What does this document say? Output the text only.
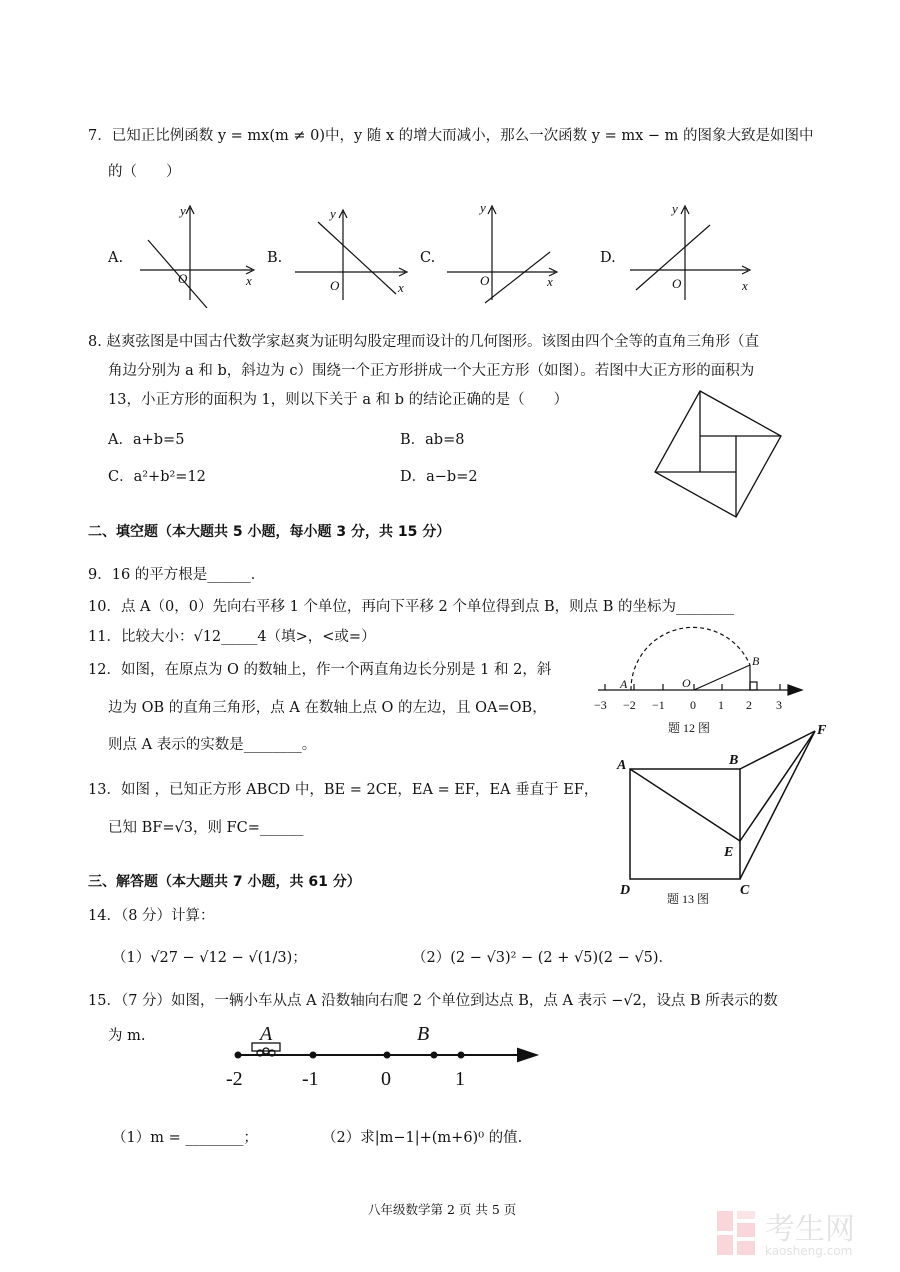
7．已知正比例函数 y = mx(m ≠ 0)中，y 随 x 的增大而减小，那么一次函数 y = mx − m 的图象大致是如图中
的（　　）
A.	B.	C.	D.
y
x
O
y
x
O
y
x
O
y
x
O
8. 赵爽弦图是中国古代数学家赵爽为证明勾股定理而设计的几何图形。该图由四个全等的直角三角形（直
角边分别为 a 和 b，斜边为 c）围绕一个正方形拼成一个大正方形（如图）。若图中大正方形的面积为
13，小正方形的面积为 1，则以下关于 a 和 b 的结论正确的是（　　）
A．a+b=5	B．ab=8
C．a²+b²=12	D．a−b=2
二、填空题（本大题共 5 小题，每小题 3 分，共 15 分）
9．16 的平方根是______．
10．点 A（0，0）先向右平移 1 个单位，再向下平移 2 个单位得到点 B，则点 B 的坐标为________
11．比较大小：√12_____4（填>，<或=）
12．如图，在原点为 O 的数轴上，作一个两直角边长分别是 1 和 2，斜
边为 OB 的直角三角形，点 A 在数轴上点 O 的左边，且 OA=OB，
则点 A 表示的实数是________。
A	O
B
−3 −2 −1 0 1 2 3
题 12 图
13．如图 ，已知正方形 ABCD 中，BE = 2CE，EA = EF，EA 垂直于 EF，
已知 BF=√3，则 FC=______
A	B
C
D
E
F
题 13 图
三、解答题（本大题共 7 小题，共 61 分）
14．（8 分）计算：
（1）√27 − √12 − √(1/3)；	（2）(2 − √3)² − (2 + √5)(2 − √5)．
15．（7 分）如图，一辆小车从点 A 沿数轴向右爬 2 个单位到达点 B，点 A 表示 −√2，设点 B 所表示的数
为 m.	A	B
-2	-1	0	1
（1）m = ________；	（2）求|m−1|+(m+6)⁰ 的值.
八年级数学第 2 页 共 5 页
考生网
kaosheng.com
